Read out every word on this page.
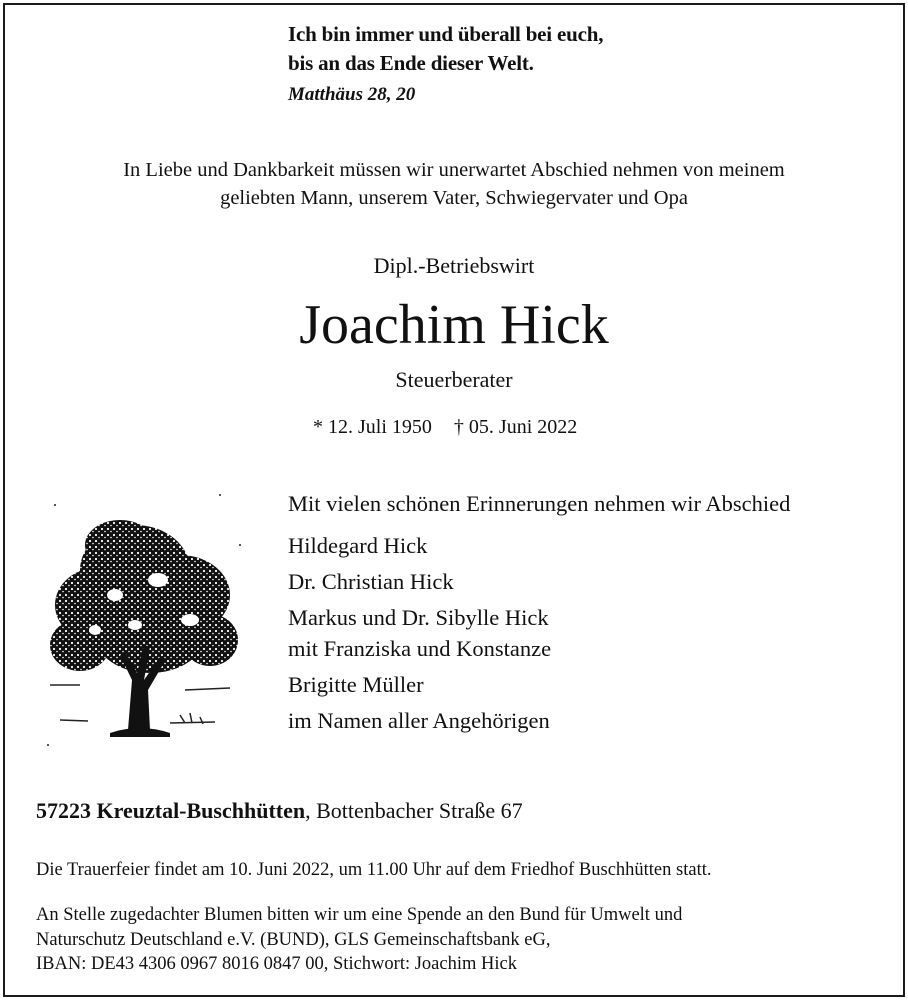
Ich bin immer und überall bei euch,
bis an das Ende dieser Welt.
Matthäus 28, 20
In Liebe und Dankbarkeit müssen wir unerwartet Abschied nehmen von meinem
geliebten Mann, unserem Vater, Schwiegervater und Opa
Dipl.-Betriebswirt
Joachim Hick
Steuerberater
* 12. Juli 1950 † 05. Juni 2022
Mit vielen schönen Erinnerungen nehmen wir Abschied
Hildegard Hick
Dr. Christian Hick
Markus und Dr. Sibylle Hick
mit Franziska und Konstanze
Brigitte Müller
im Namen aller Angehörigen
57223 Kreuztal-Buschhütten, Bottenbacher Straße 67
Die Trauerfeier findet am 10. Juni 2022, um 11.00 Uhr auf dem Friedhof Buschhütten statt.
An Stelle zugedachter Blumen bitten wir um eine Spende an den Bund für Umwelt und
Naturschutz Deutschland e.V. (BUND), GLS Gemeinschaftsbank eG,
IBAN: DE43 4306 0967 8016 0847 00, Stichwort: Joachim Hick
